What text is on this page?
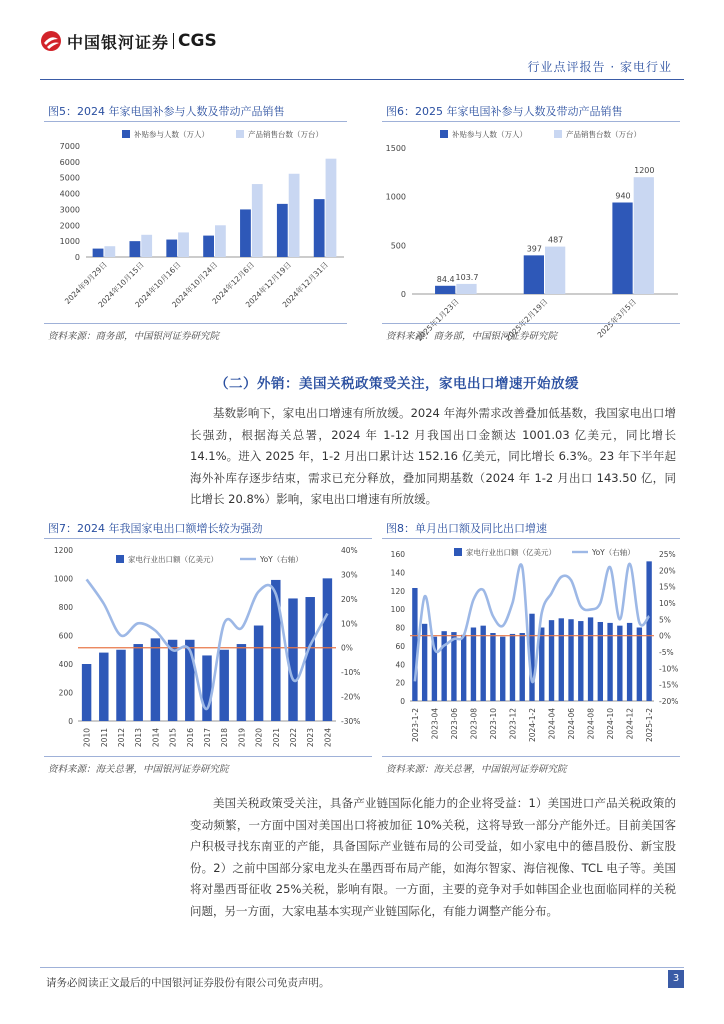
中国银河证券 CGS
行业点评报告 · 家电行业
图5：2024 年家电国补参与人数及带动产品销售
0
1000
2000
3000
4000
5000
6000
7000
2024年9月29日
2024年10月15日
2024年10月16日
2024年10月24日
2024年12月6日
2024年12月19日
2024年12月31日
补贴参与人数（万人）	产品销售台数（万台）
资料来源：商务部，中国银河证券研究院
图6：2025 年家电国补参与人数及带动产品销售
0
500
1000
1500
84.4
397
940
103.7
487
1200
2025年1月23日	2025年2月19日	2025年3月5日
补贴参与人数（万人）	产品销售台数（万台）
资料来源：商务部，中国银河证券研究院
（二）外销：美国关税政策受关注，家电出口增速开始放缓
基数影响下，家电出口增速有所放缓。2024 年海外需求改善叠加低基数，我国家电出口增长强劲，根据海关总署，2024 年 1-12 月我国出口金额达 1001.03 亿美元，同比增长 14.1%。进入 2025 年，1-2 月出口累计达 152.16 亿美元，同比增长 6.3%。23 年下半年起海外补库存逐步结束，需求已充分释放，叠加同期基数（2024 年 1-2 月出口 143.50 亿，同比增长 20.8%）影响，家电出口增速有所放缓。
图7：2024 年我国家电出口额增长较为强劲
0
200
400
600
800
1000
1200
-30%
-20%
-10%
0%
10%
20%
30%
40%
2010 2011 2012 2013 2014 2015 2016 2017 2018 2019 2020 2021 2022 2023 2024
家电行业出口额（亿美元）	YoY（右轴）
资料来源：海关总署，中国银河证券研究院
图8：单月出口额及同比出口增速
0
20
40
60
80
100
120
140
160
-20%
-15%
-10%
-5%
0%
5%
10%
15%
20%
25%
2023-1-2 2023-04 2023-06 2023-08 2023-10 2023-12 2024-1-2 2024-04 2024-06 2024-08 2024-10 2024-12 2025-1-2
家电行业出口额（亿美元）	YoY（右轴）
资料来源：海关总署，中国银河证券研究院
美国关税政策受关注，具备产业链国际化能力的企业将受益：1）美国进口产品关税政策的变动频繁，一方面中国对美国出口将被加征 10%关税，这将导致一部分产能外迁。目前美国客户积极寻找东南亚的产能，具备国际产业链布局的公司受益，如小家电中的德昌股份、新宝股份。2）之前中国部分家电龙头在墨西哥布局产能，如海尔智家、海信视像、TCL 电子等。美国将对墨西哥征收 25%关税，影响有限。一方面，主要的竞争对手如韩国企业也面临同样的关税问题，另一方面，大家电基本实现产业链国际化，有能力调整产能分布。
请务必阅读正文最后的中国银河证券股份有限公司免责声明。	3
